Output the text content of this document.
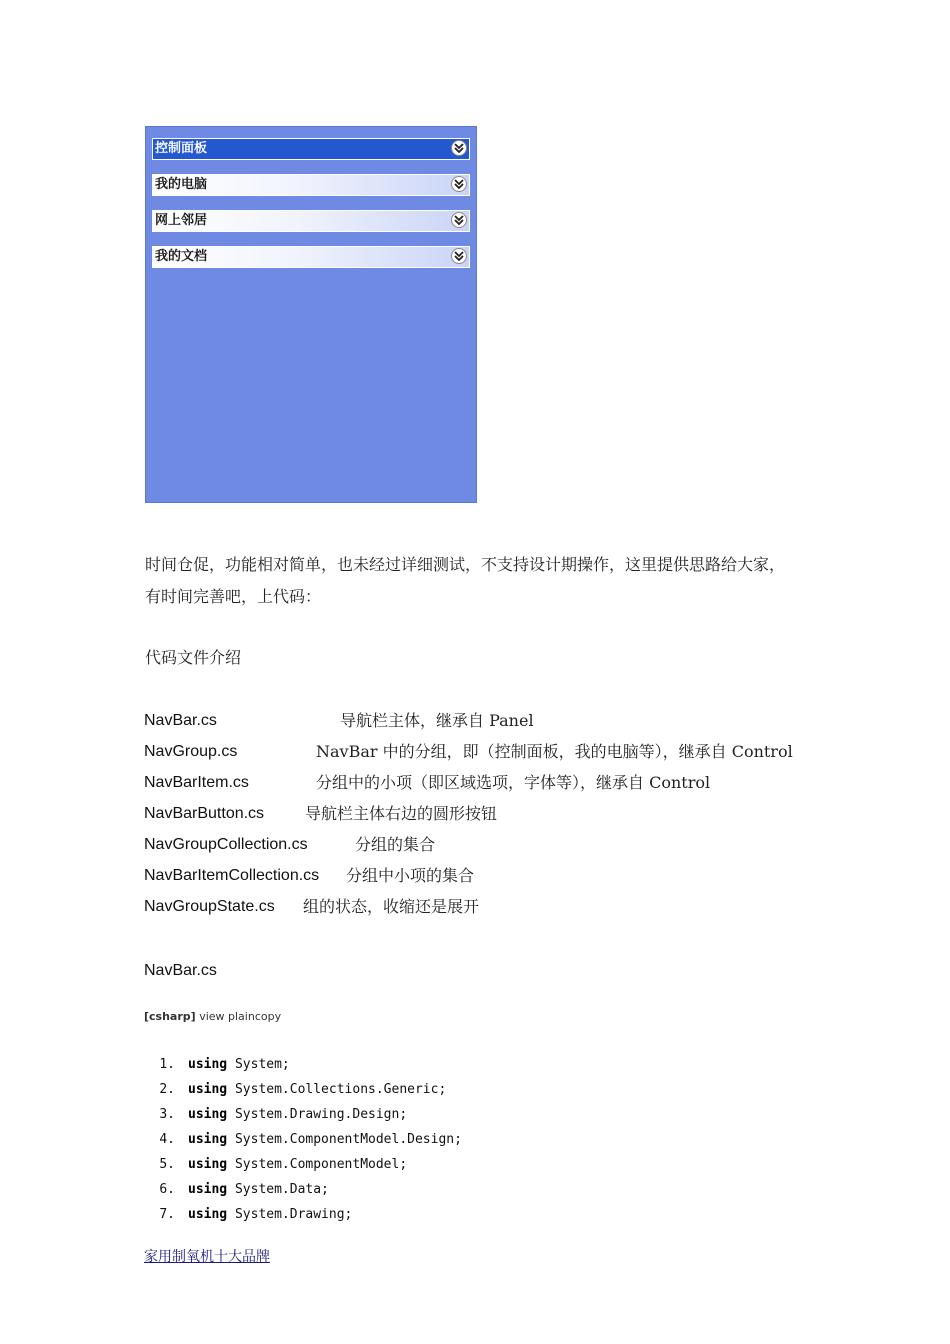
控制面板
我的电脑
网上邻居
我的文档
时间仓促，功能相对简单，也未经过详细测试，不支持设计期操作，这里提供思路给大家，
有时间完善吧，上代码：
代码文件介绍
NavBar.cs	导航栏主体，继承自 Panel
NavGroup.cs	NavBar 中的分组，即（控制面板，我的电脑等），继承自 Control
NavBarItem.cs	分组中的小项（即区域选项，字体等），继承自 Control
NavBarButton.cs	导航栏主体右边的圆形按钮
NavGroupCollection.cs	分组的集合
NavBarItemCollection.cs 分组中小项的集合
NavGroupState.cs 组的状态，收缩还是展开
NavBar.cs
[csharp] view plaincopy
1. using System;
2. using System.Collections.Generic;
3. using System.Drawing.Design;
4. using System.ComponentModel.Design;
5. using System.ComponentModel;
6. using System.Data;
7. using System.Drawing;
家用制氧机十大品牌
